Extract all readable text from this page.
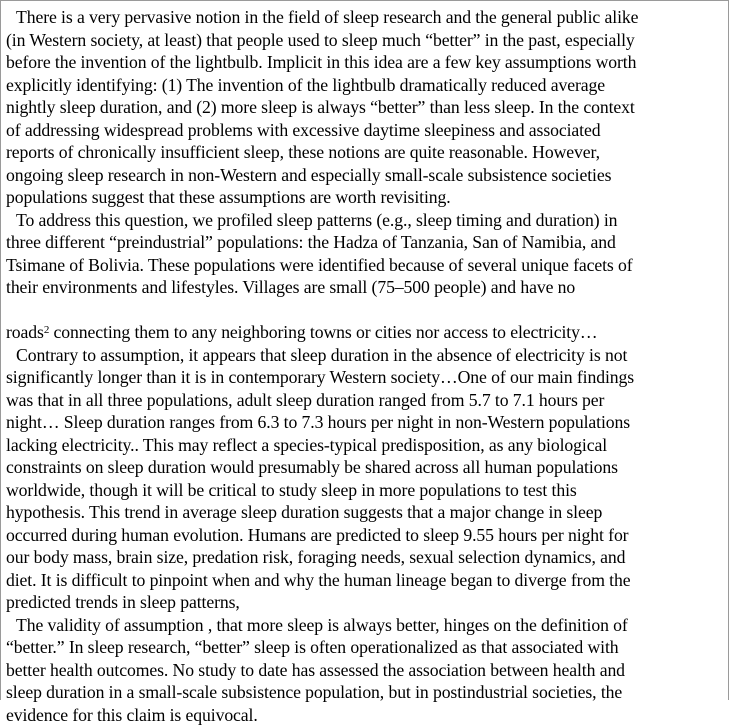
There is a very pervasive notion in the field of sleep research and the general public alike
(in Western society, at least) that people used to sleep much “better” in the past, especially
before the invention of the lightbulb. Implicit in this idea are a few key assumptions worth
explicitly identifying: (1) The invention of the lightbulb dramatically reduced average
nightly sleep duration, and (2) more sleep is always “better” than less sleep. In the context
of addressing widespread problems with excessive daytime sleepiness and associated
reports of chronically insufficient sleep, these notions are quite reasonable. However,
ongoing sleep research in non-Western and especially small-scale subsistence societies
populations suggest that these assumptions are worth revisiting.
To address this question, we profiled sleep patterns (e.g., sleep timing and duration) in
three different “preindustrial” populations: the Hadza of Tanzania, San of Namibia, and
Tsimane of Bolivia. These populations were identified because of several unique facets of
their environments and lifestyles. Villages are small (75–500 people) and have no
roads$^2$ connecting them to any neighboring towns or cities nor access to electricity…
Contrary to assumption, it appears that sleep duration in the absence of electricity is not
significantly longer than it is in contemporary Western society…One of our main findings
was that in all three populations, adult sleep duration ranged from 5.7 to 7.1 hours per
night… Sleep duration ranges from 6.3 to 7.3 hours per night in non-Western populations
lacking electricity.. This may reflect a species-typical predisposition, as any biological
constraints on sleep duration would presumably be shared across all human populations
worldwide, though it will be critical to study sleep in more populations to test this
hypothesis. This trend in average sleep duration suggests that a major change in sleep
occurred during human evolution. Humans are predicted to sleep 9.55 hours per night for
our body mass, brain size, predation risk, foraging needs, sexual selection dynamics, and
diet. It is difficult to pinpoint when and why the human lineage began to diverge from the
predicted trends in sleep patterns,
The validity of assumption , that more sleep is always better, hinges on the definition of
“better.” In sleep research, “better” sleep is often operationalized as that associated with
better health outcomes. No study to date has assessed the association between health and
sleep duration in a small-scale subsistence population, but in postindustrial societies, the
evidence for this claim is equivocal.
